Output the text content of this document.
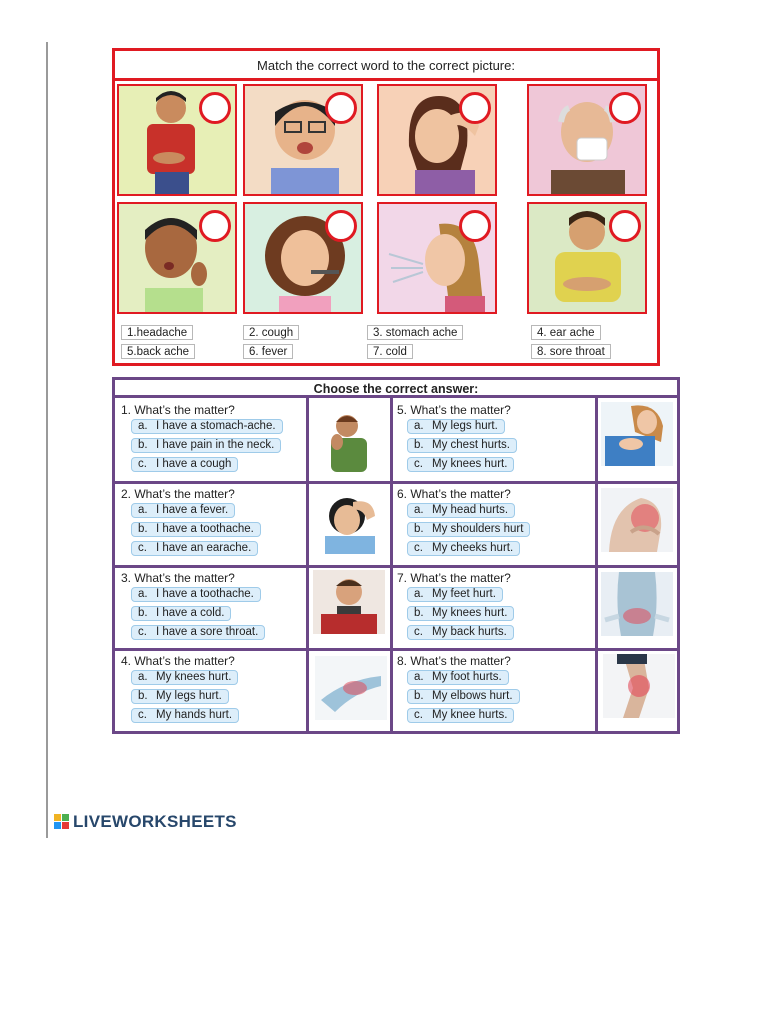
Match the correct word to the correct picture:
1.headache	2. cough	3. stomach ache	4. ear ache
5.back ache	6. fever	7. cold	8. sore throat
Choose the correct answer:
1. What’s the matter?
a. I have a stomach-ache.
b. I have pain in the neck.
c. I have a cough
2. What’s the matter?
a. I have a fever.
b. I have a toothache.
c. I have an earache.
3. What’s the matter?
a. I have a toothache.
b. I have a cold.
c. I have a sore throat.
4. What’s the matter?
a. My knees hurt.
b. My legs hurt.
c. My hands hurt.
5. What’s the matter?
a. My legs hurt.
b. My chest hurts.
c. My knees hurt.
6. What’s the matter?
a. My head hurts.
b. My shoulders hurt
c. My cheeks hurt.
7. What’s the matter?
a. My feet hurt.
b. My knees hurt.
c. My back hurts.
8. What’s the matter?
a. My foot hurts.
b. My elbows hurt.
c. My knee hurts.
LIVEWORKSHEETS
